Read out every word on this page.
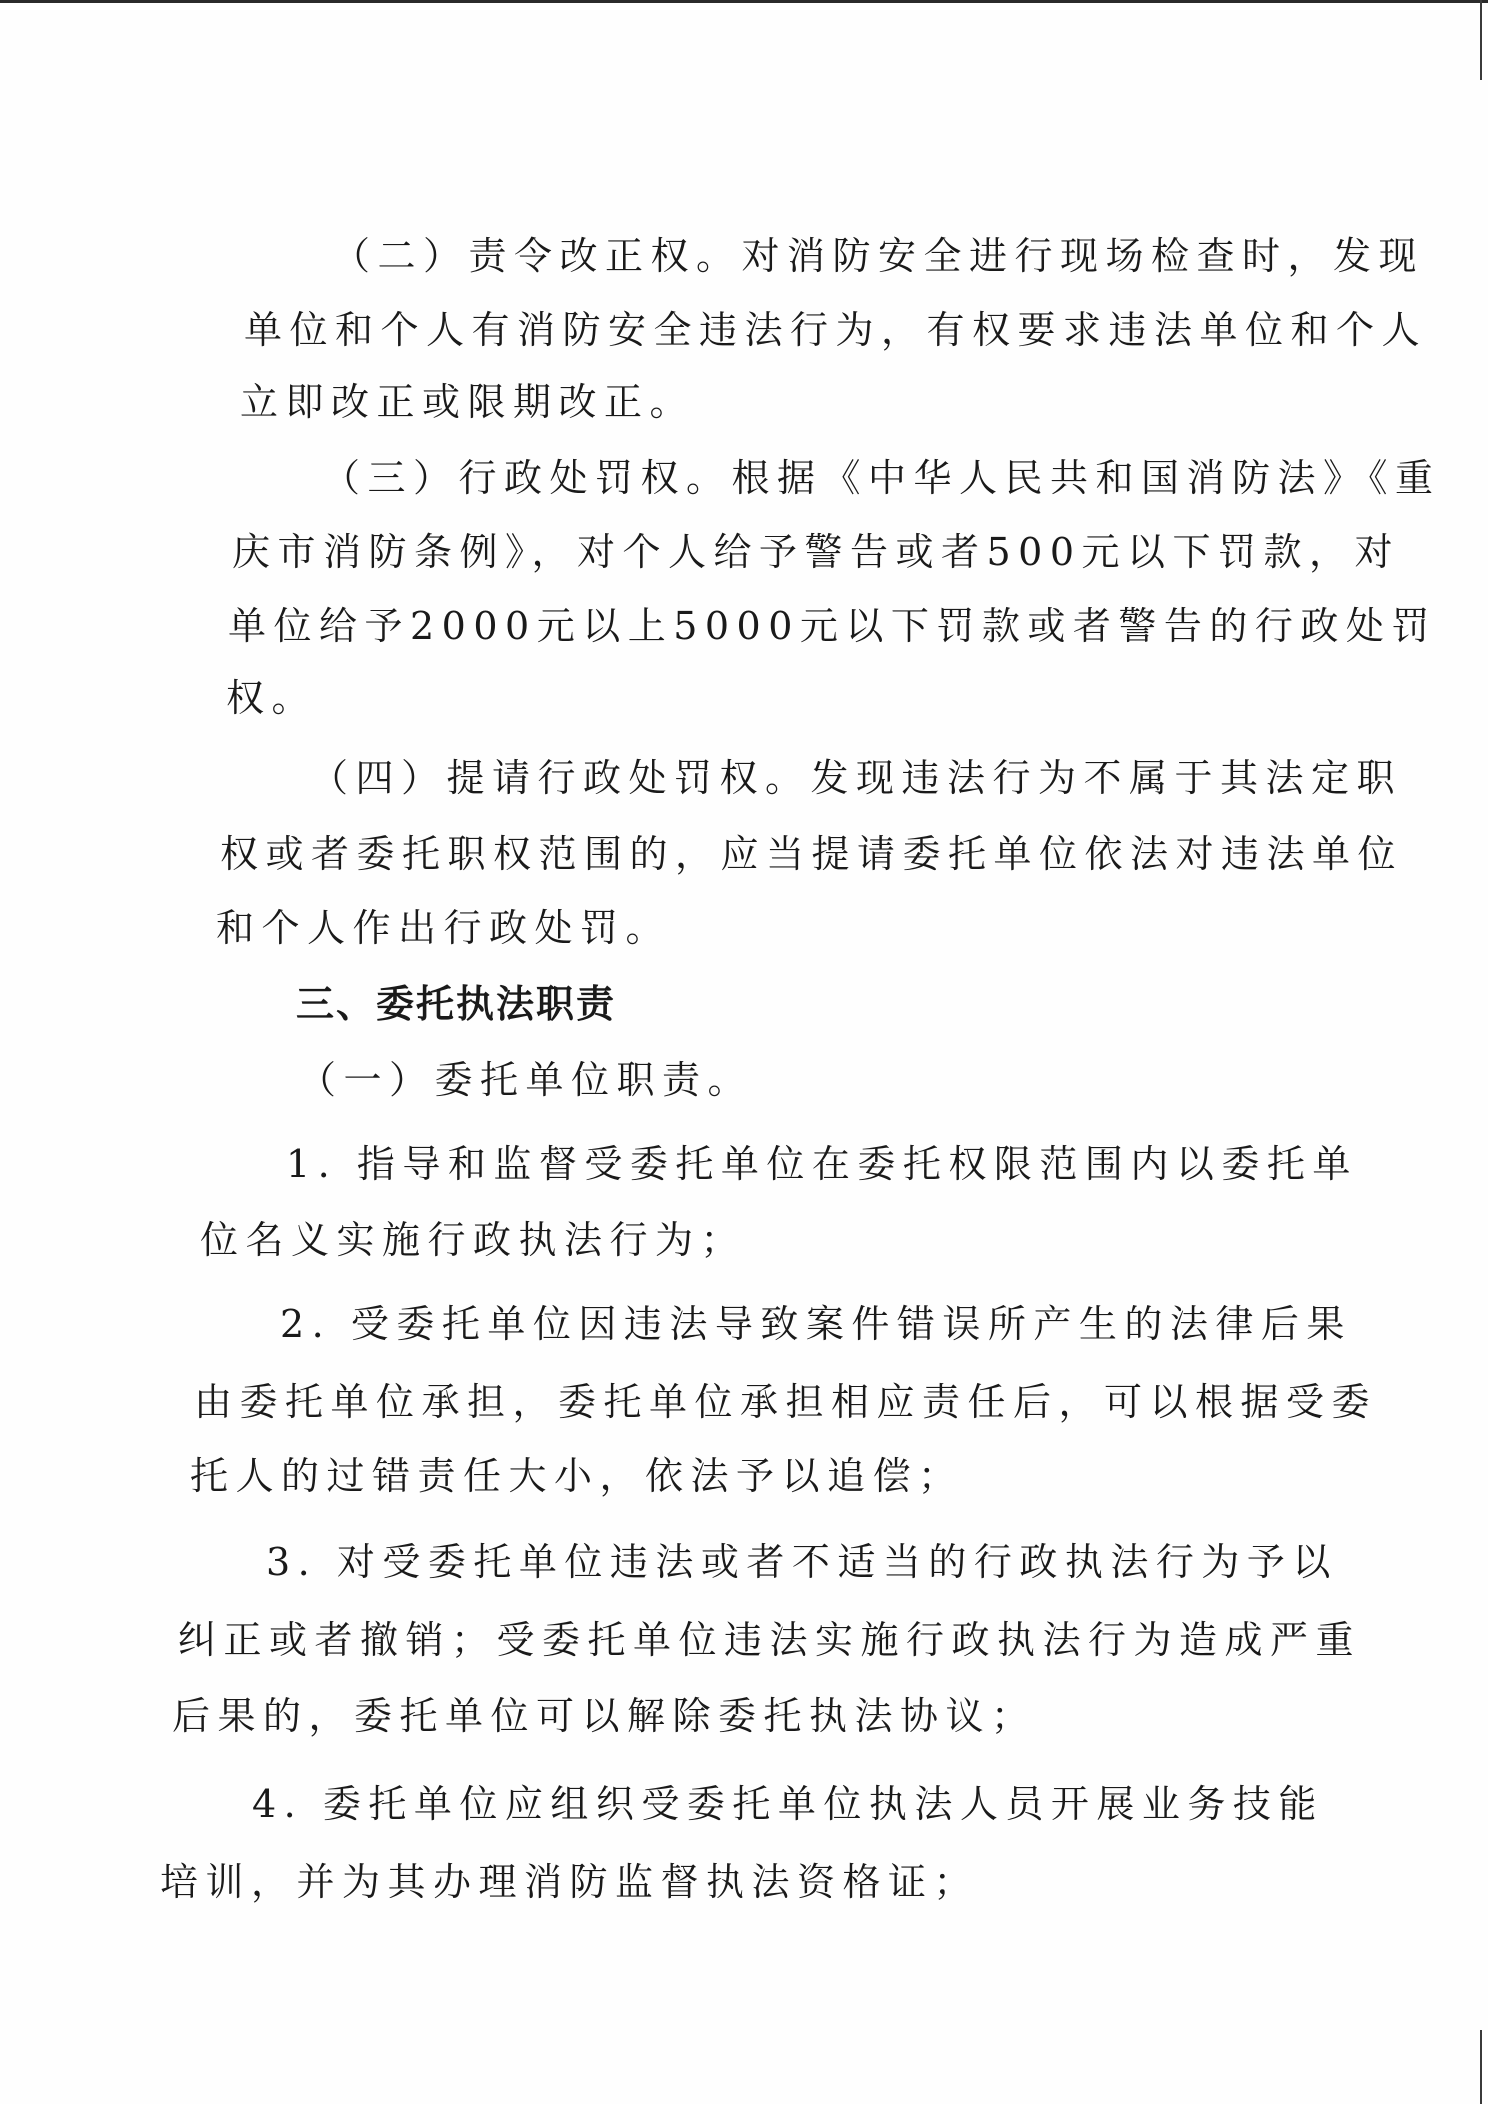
（二）责令改正权。对消防安全进行现场检查时，发现
单位和个人有消防安全违法行为，有权要求违法单位和个人
立即改正或限期改正。
（三）行政处罚权。根据《中华人民共和国消防法》《重
庆市消防条例》，对个人给予警告或者500元以下罚款，对
单位给予2000元以上5000元以下罚款或者警告的行政处罚
权。
（四）提请行政处罚权。发现违法行为不属于其法定职
权或者委托职权范围的，应当提请委托单位依法对违法单位
和个人作出行政处罚。
三、委托执法职责
（一）委托单位职责。
1. 指导和监督受委托单位在委托权限范围内以委托单
位名义实施行政执法行为；
2. 受委托单位因违法导致案件错误所产生的法律后果
由委托单位承担，委托单位承担相应责任后，可以根据受委
托人的过错责任大小，依法予以追偿；
3. 对受委托单位违法或者不适当的行政执法行为予以
纠正或者撤销；受委托单位违法实施行政执法行为造成严重
后果的，委托单位可以解除委托执法协议；
4. 委托单位应组织受委托单位执法人员开展业务技能
培训，并为其办理消防监督执法资格证；
